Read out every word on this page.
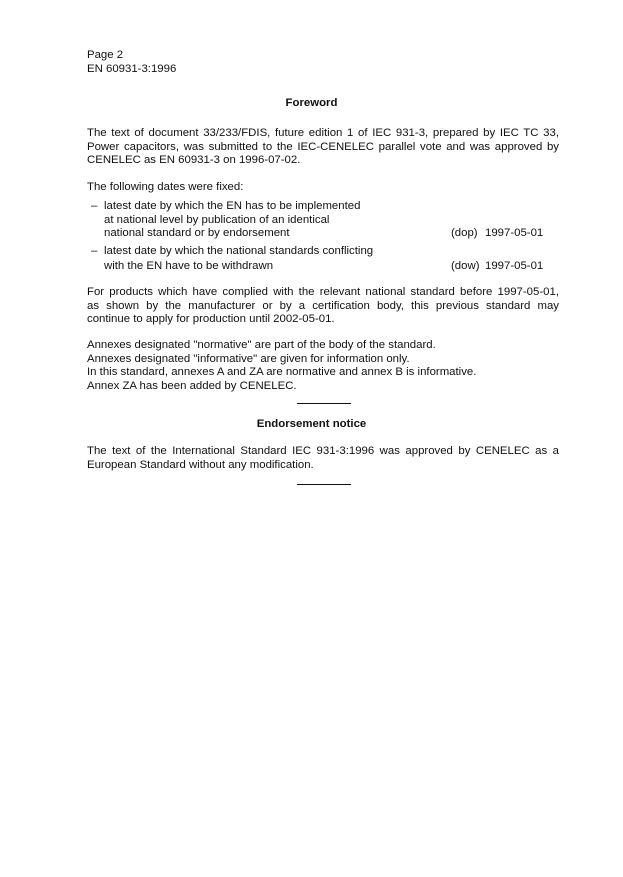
Page 2
EN 60931-3:1996
Foreword
The text of document 33/233/FDIS, future edition 1 of IEC 931-3, prepared by IEC TC 33,
Power capacitors, was submitted to the IEC-CENELEC parallel vote and was approved by
CENELEC as EN 60931-3 on 1996-07-02.
The following dates were fixed:
– latest date by which the EN has to be implemented
at national level by publication of an identical
national standard or by endorsement	(dop) 1997-05-01
– latest date by which the national standards conflicting
with the EN have to be withdrawn	(dow) 1997-05-01
For products which have complied with the relevant national standard before 1997-05-01,
as shown by the manufacturer or by a certification body, this previous standard may
continue to apply for production until 2002-05-01.
Annexes designated "normative" are part of the body of the standard.
Annexes designated "informative" are given for information only.
In this standard, annexes A and ZA are normative and annex B is informative.
Annex ZA has been added by CENELEC.
Endorsement notice
The text of the International Standard IEC 931-3:1996 was approved by CENELEC as a
European Standard without any modification.
